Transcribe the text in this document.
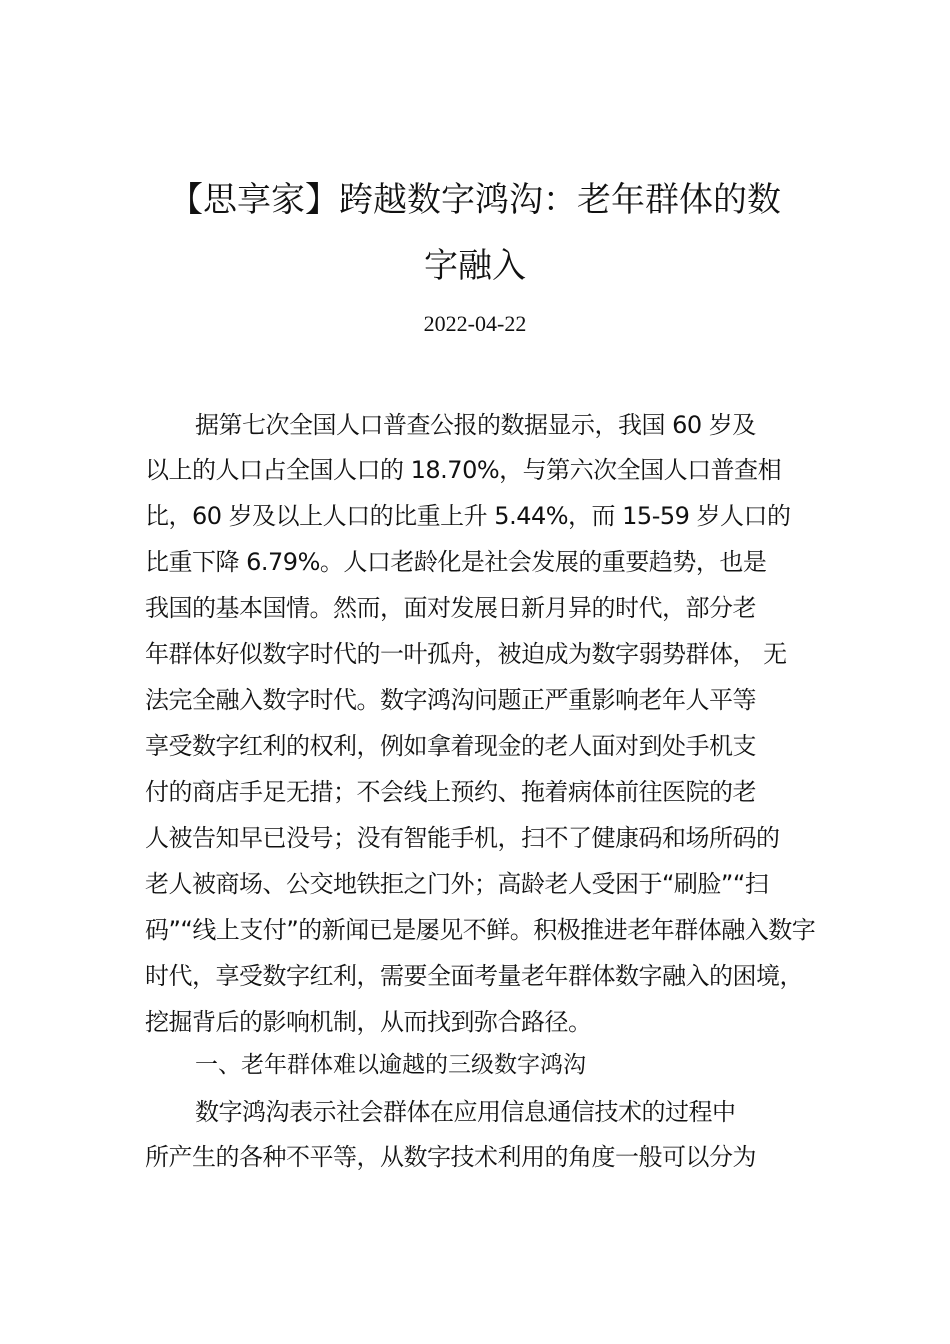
【思享家】跨越数字鸿沟：老年群体的数
字融入
2022-04-22
据第七次全国人口普查公报的数据显示，我国 60 岁及
以上的人口占全国人口的 18.70%，与第六次全国人口普查相
比，60 岁及以上人口的比重上升 5.44%，而 15-59 岁人口的
比重下降 6.79%。人口老龄化是社会发展的重要趋势，也是
我国的基本国情。然而，面对发展日新月异的时代，部分老
年群体好似数字时代的一叶孤舟，被迫成为数字弱势群体， 无
法完全融入数字时代。数字鸿沟问题正严重影响老年人平等
享受数字红利的权利，例如拿着现金的老人面对到处手机支
付的商店手足无措；不会线上预约、拖着病体前往医院的老
人被告知早已没号；没有智能手机，扫不了健康码和场所码的
老人被商场、公交地铁拒之门外；高龄老人受困于“刷脸”“扫
码”“线上支付”的新闻已是屡见不鲜。积极推进老年群体融入数字
时代，享受数字红利，需要全面考量老年群体数字融入的困境，
挖掘背后的影响机制，从而找到弥合路径。
一、老年群体难以逾越的三级数字鸿沟
数字鸿沟表示社会群体在应用信息通信技术的过程中
所产生的各种不平等，从数字技术利用的角度一般可以分为
